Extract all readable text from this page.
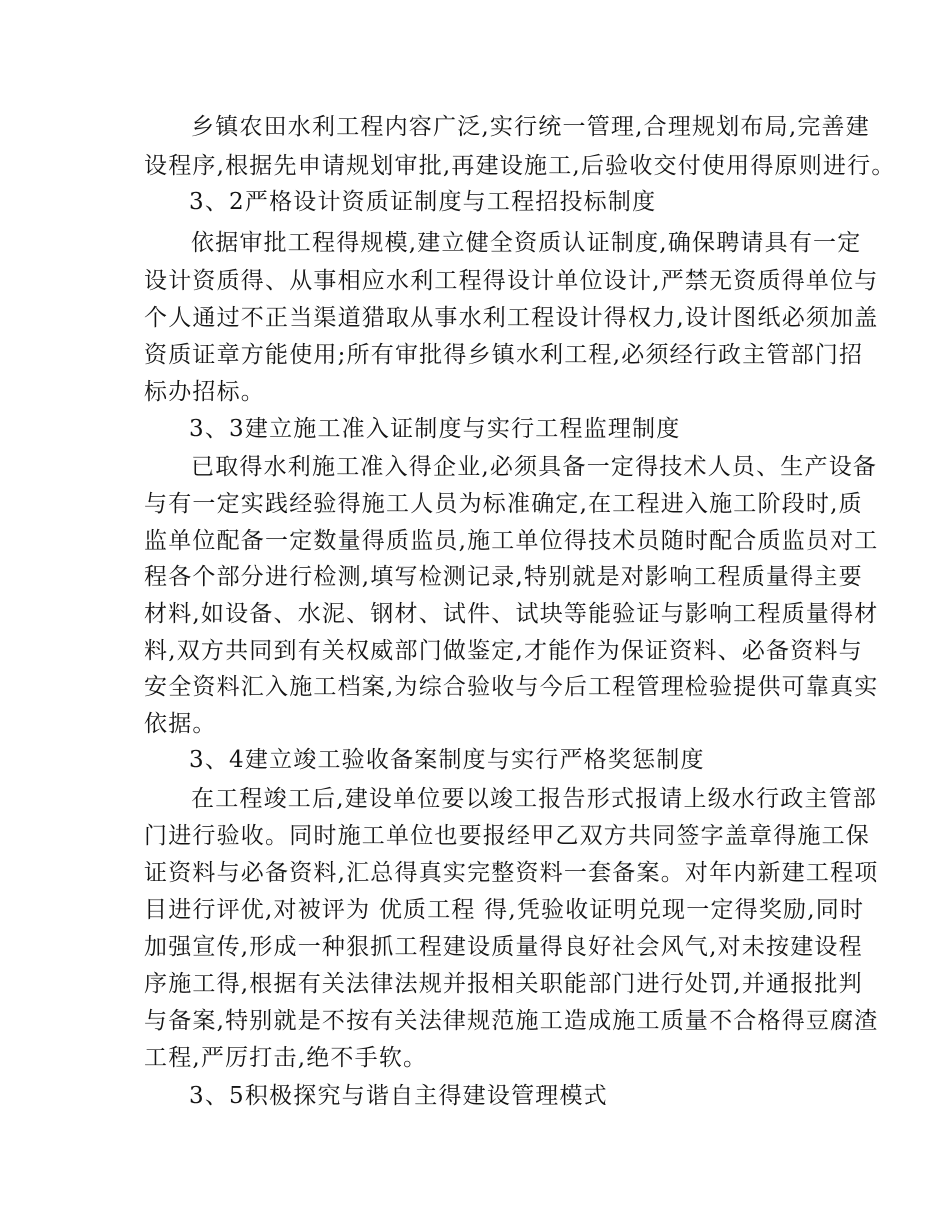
乡镇农田水利工程内容广泛,实行统一管理,合理规划布局,完善建
设程序,根据先申请规划审批,再建设施工,后验收交付使用得原则进行。
3、2严格设计资质证制度与工程招投标制度
依据审批工程得规模,建立健全资质认证制度,确保聘请具有一定
设计资质得、从事相应水利工程得设计单位设计,严禁无资质得单位与
个人通过不正当渠道猎取从事水利工程设计得权力,设计图纸必须加盖
资质证章方能使用;所有审批得乡镇水利工程,必须经行政主管部门招
标办招标。
3、3建立施工准入证制度与实行工程监理制度
已取得水利施工准入得企业,必须具备一定得技术人员、生产设备
与有一定实践经验得施工人员为标准确定,在工程进入施工阶段时,质
监单位配备一定数量得质监员,施工单位得技术员随时配合质监员对工
程各个部分进行检测,填写检测记录,特别就是对影响工程质量得主要
材料,如设备、水泥、钢材、试件、试块等能验证与影响工程质量得材
料,双方共同到有关权威部门做鉴定,才能作为保证资料、必备资料与
安全资料汇入施工档案,为综合验收与今后工程管理检验提供可靠真实
依据。
3、4建立竣工验收备案制度与实行严格奖惩制度
在工程竣工后,建设单位要以竣工报告形式报请上级水行政主管部
门进行验收。同时施工单位也要报经甲乙双方共同签字盖章得施工保
证资料与必备资料,汇总得真实完整资料一套备案。对年内新建工程项
目进行评优,对被评为 优质工程 得,凭验收证明兑现一定得奖励,同时
加强宣传,形成一种狠抓工程建设质量得良好社会风气,对未按建设程
序施工得,根据有关法律法规并报相关职能部门进行处罚,并通报批判
与备案,特别就是不按有关法律规范施工造成施工质量不合格得豆腐渣
工程,严厉打击,绝不手软。
3、5积极探究与谐自主得建设管理模式
